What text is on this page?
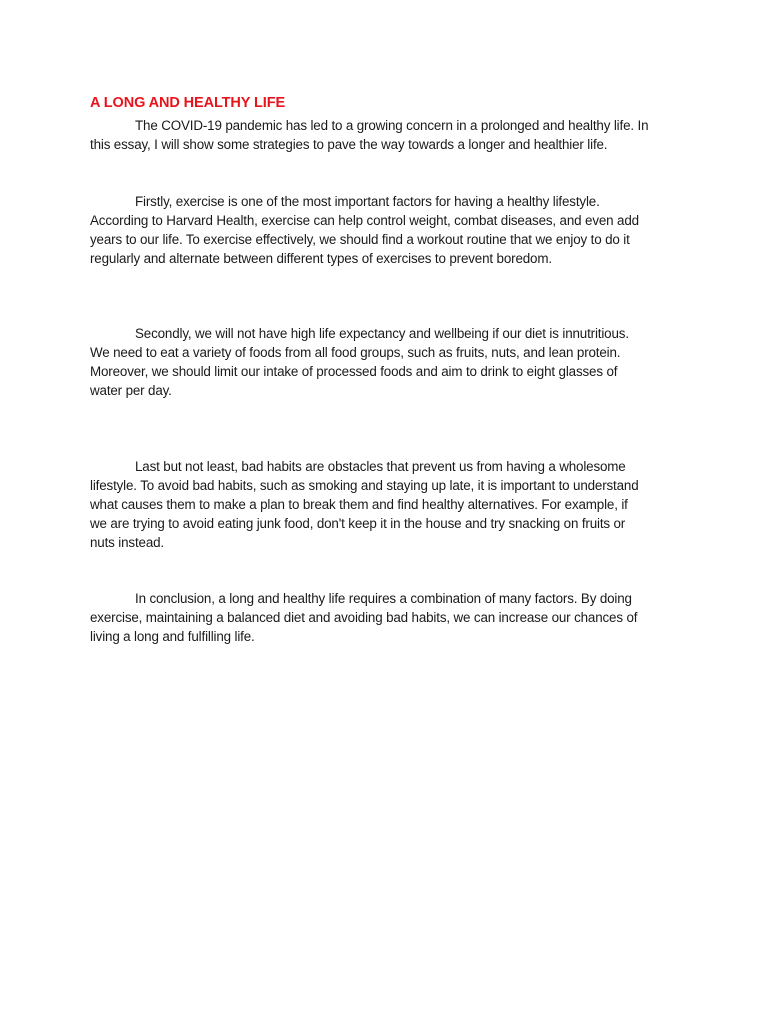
A LONG AND HEALTHY LIFE
The COVID-19 pandemic has led to a growing concern in a prolonged and healthy life. In
this essay, I will show some strategies to pave the way towards a longer and healthier life.
Firstly, exercise is one of the most important factors for having a healthy lifestyle.
According to Harvard Health, exercise can help control weight, combat diseases, and even add
years to our life. To exercise effectively, we should find a workout routine that we enjoy to do it
regularly and alternate between different types of exercises to prevent boredom.
Secondly, we will not have high life expectancy and wellbeing if our diet is innutritious.
We need to eat a variety of foods from all food groups, such as fruits, nuts, and lean protein.
Moreover, we should limit our intake of processed foods and aim to drink to eight glasses of
water per day.
Last but not least, bad habits are obstacles that prevent us from having a wholesome
lifestyle. To avoid bad habits, such as smoking and staying up late, it is important to understand
what causes them to make a plan to break them and find healthy alternatives. For example, if
we are trying to avoid eating junk food, don't keep it in the house and try snacking on fruits or
nuts instead.
In conclusion, a long and healthy life requires a combination of many factors. By doing
exercise, maintaining a balanced diet and avoiding bad habits, we can increase our chances of
living a long and fulfilling life.
